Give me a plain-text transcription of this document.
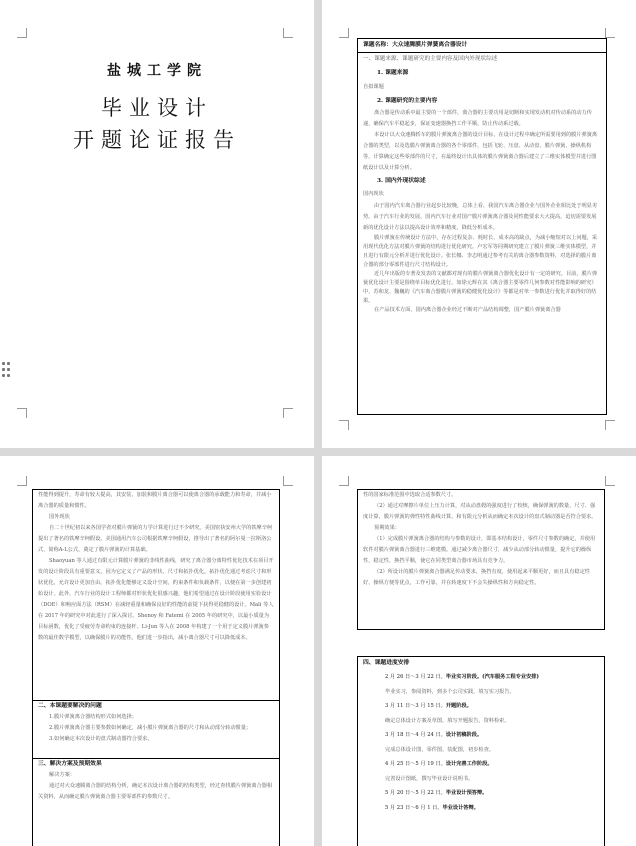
盐城工学院
毕业设计
开题论证报告
课题名称：大众速腾膜片弹簧离合器设计
一、课题来源、课题研究的主要内容及国内外现状综述
1. 课题来源
自拟课题
2. 课题研究的主要内容
离合器是传动系中最主要的一个部件，离合器的主要功用是切断和实现发动机对传动系的动力传递，确保汽车平稳起步，保证变速器换挡工作平顺，防止传动系过载。
本设计以大众速腾轿车的膜片弹簧离合器的设计目标，在设计过程中确定所需要用到的膜片弹簧离合器的类型，以及选膜片弹簧离合器的各个零部件，包括飞轮、压盘、从动盘、膜片弹簧、操纵机构等，计算确定这些零部件的尺寸，在最终设计出具体的膜片弹簧离合器后建立了三维实体模型并进行图纸设计以及计算分析。
3. 国内外现状综述
国内现状
由于国内汽车离合器行业起步比较晚，总体上看，我国汽车离合器企业与国外企业相比处于明显劣势。由于汽车行业的发展，国内汽车行业对国产膜片弹簧离合器及同性能要求大大提高，迫切需要发展新的优化设计方法以提高设计效率和精度，降低分析成本。
膜片弹簧在传统设计方法中，存在过程复杂、耗时长、成本高的缺点，为减小缩短对以上问题，采用现代优化方法对膜片弹簧的结构进行优化研究。卢宏军等同期研究建立了膜片弹簧三维实体模型，并且进行有限元分析并进行优化设计。张长娜、李志明通过参考有关的离合器参数资料，对选择的膜片离合器的部分零部件进行尺寸结构设计。
近几年出版的专著及发表的文献都对现有的膜片弹簧离合器优化设计有一定的研究。目前，膜片弹簧优化设计主要是围绕单目标优化进行。如徐元辉在其《离合器主要零件几何参数对性能影响的研究》中，苏和龙、魏巍的《汽车离合器膜片弹簧的稳健优化设计》等都是对单一参数进行优化并取得好的结果。
在产品技术方面，国内离合器企业经过不断对产品结构调整，国产膜片弹簧离合器
性能得到提升，寿命有较大提高，其安装、加装和膜片离合器可以使离合器的承载能力和寿命，并减小离合器的质量和惯性。
国外现状
自二十世纪初以来各国学者对膜片弹簧的力学计算进行过不少研究。美国密执安州大学的铁摩辛柯提出了著名的铁摩辛柯假设。美国通用汽车公司根据铁摩辛柯假设，推导出了著名的阿尔曼一拉斯洛公式，简称A-L公式，奠定了膜片弹簧的计算基础。
Shaoyuan 等人通过有限元计算膜片弹簧的非线性曲线，研究了离合器分离特性优化技术在项目开发的设计阶段具有重要意义，因为它定义了产品的形状、尺寸和拓扑优化。拓扑优化通过考虑尺寸和形状优化，允许设计更加自由。拓扑优化能够定义设计空间，约束条件和负载条件，以便在第一步创建初始设计。此外，汽车行业的设计工程师都对形状优化很感兴趣，他们希望通过在设计阶段使用实验设计（DOE）和响应面方法（RSM）在减轻重量和确保良好的性能的前提下获得更稳健的设计。Mali 等人在 2017 年的研究中对此进行了深入探讨。Shenoy 和 Fatemi 在 2005 年的研究中，以最小质量为目标函数，优化了受疲劳寿命约束的连接杆。Li-Jun 等人在 2008 年构建了一个用于定义膜片弹簧参数的最佳数学模型，以确保膜片的功能性。他们进一步指出，减小离合器尺寸可以降低成本。
二、本课题要解决的问题
1.膜片弹簧离合器结构形式如何选择；
2.膜片弹簧离合器主要参数如何确定，减小膜片弹簧离合器的尺寸和从动部分转动惯量；
3.如何确定本次设计的盘式制动器符合要求。
三、解决方案及预期效果
解决方案：
通过对大众速腾离合器的结构分析，确定本次设计离合器的结构类型，经过查找膜片弹簧离合器相关资料，从而确定膜片弹簧离合器主要零部件的参数尺寸。
性的国家标准范围中选取合适参数尺寸。
（2）通过对摩擦片单位上压力计算，对从动盘毂的强度进行了校核，确保弹簧的数量、尺寸、强度计算，膜片弹簧的弹性特性曲线计算，和有限元分析从而确定本次设计的盘式制动器是否符合要求。
预期效果：
（1）完成膜片弹簧离合器的结构与参数的设计，即基本结构设计，零件尺寸参数的确定，并使用软件对膜片弹簧离合器进行三维建模。通过减少离合器尺寸，减少从动部分转动惯量，提升它的操纵性，稳定性，换挡平顺，使它在同类型离合器市场具有竞争力。
（2）所设计的膜片弹簧离合器满足传动要求，换挡有度，使用起来平顺更好，而且具有稳定性好、操纵方便等优点，工作可靠，并在转速度下不会失操纵性和方向稳定性。
四、课题进度安排
2 月 26 日～3 月 22 日。毕业实习阶段。(汽车服务工程专业安排)
毕业实习，参阅资料，到多个公司实践，填写实习报告。
3 月 11 日～3 月 15 日。开题阶段。
确定总体设计方案及草图，填写开题报告，资料检索。
3 月 18 日～4 月 24 日。设计初稿阶段。
完成总体设计图，零件图，装配图，初步检查。
4 月 25 日～5 月 19 日。设计完善工作阶段。
完善设计图纸，撰写毕业设计说明书。
5 月 20 日～5 月 22 日。毕业设计预答辩。
5 月 23 日～6 月 1 日。毕业设计答辩。
